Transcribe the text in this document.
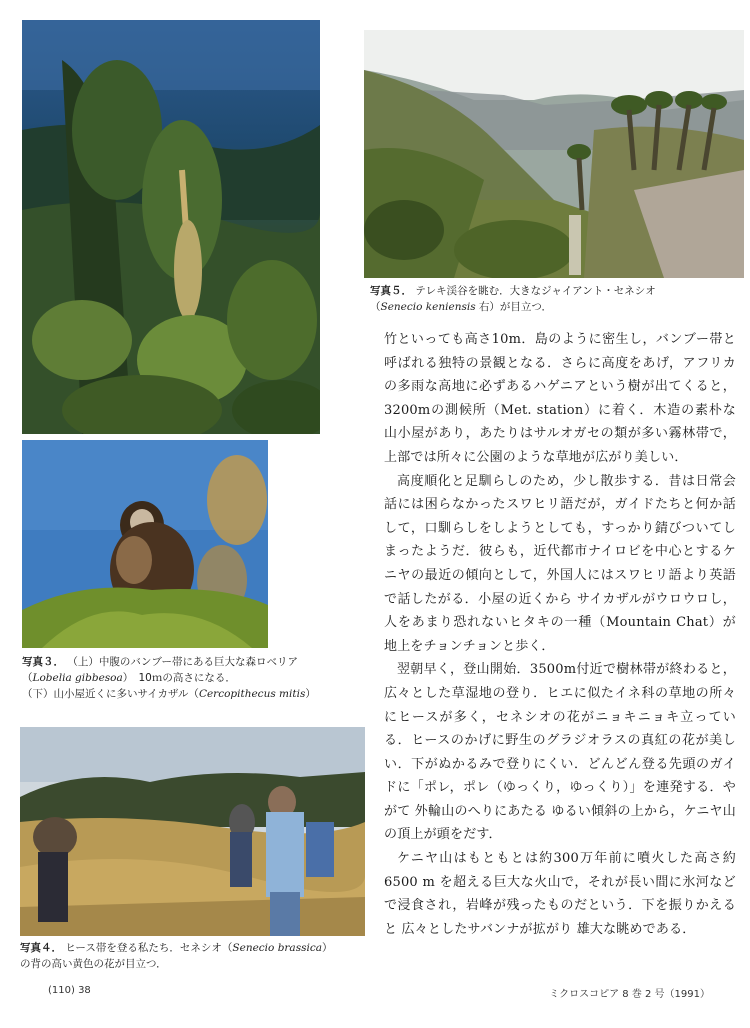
写真５． テレキ渓谷を眺む．大きなジャイアント・セネシオ
（Senecio keniensis 右）が目立つ．
写真３． （上）中腹のバンブー帯にある巨大な森ロベリア
（Lobelia gibbesoa）　10ｍの高さになる．
（下）山小屋近くに多いサイカザル（Cercopithecus mitis）
写真４． ヒース帯を登る私たち．セネシオ（Senecio brassica）
の背の高い黄色の花が目立つ．

竹といっても高さ10m．島のように密生し，バンブー帯と呼ばれる独特の景観となる．さらに高度をあげ，アフリカの多雨な高地に必ずあるハゲニアという樹が出てくると，3200mの測候所（Met. station）に着く．木造の素朴な山小屋があり，あたりはサルオガセの類が多い霧林帯で，上部では所々に公園のような草地が広がり美しい．

高度順化と足馴らしのため，少し散歩する．昔は日常会話には困らなかったスワヒリ語だが，ガイドたちと何か話して，口馴らしをしようとしても，すっかり錆びついてしまったようだ．彼らも，近代都市ナイロビを中心とするケニヤの最近の傾向として，外国人にはスワヒリ語より英語で話したがる．小屋の近くから サイカザルがウロウロし，人をあまり恐れないヒタキの一種（Mountain Chat）が地上をチョンチョンと歩く．

翌朝早く，登山開始．3500m付近で樹林帯が終わると，広々とした草湿地の登り．ヒエに似たイネ科の草地の所々にヒースが多く，セネシオの花がニョキニョキ立っている．ヒースのかげに野生のグラジオラスの真紅の花が美しい．下がぬかるみで登りにくい．どんどん登る先頭のガイドに「ポレ，ポレ（ゆっくり，ゆっくり）」を連発する．やがて 外輪山のへりにあたる ゆるい傾斜の上から，ケニヤ山の頂上が頭をだす．

ケニヤ山はもともとは約300万年前に噴火した高さ約6500 m を超える巨大な火山で，それが長い間に氷河などで浸食され，岩峰が残ったものだという．下を振りかえると 広々としたサバンナが拡がり 雄大な眺めである．

(110) 38	ミクロスコピア 8 巻 2 号（1991）
